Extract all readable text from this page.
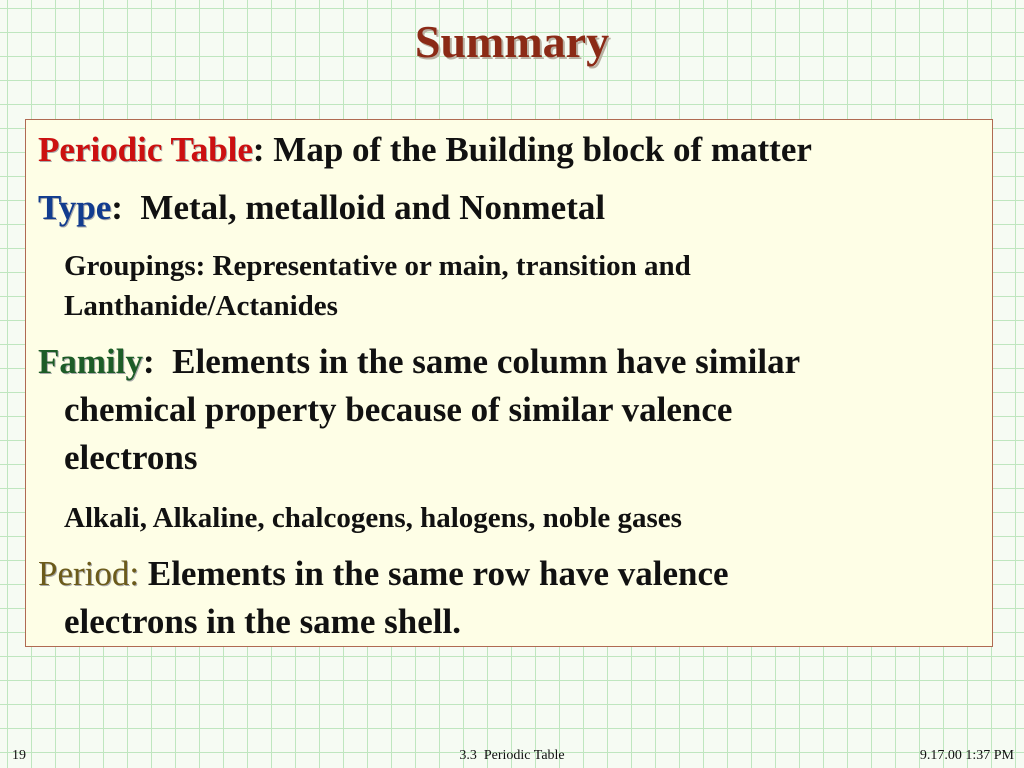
Summary
Periodic Table: Map of the Building block of matter
Type:  Metal, metalloid and Nonmetal
Groupings: Representative or main, transition and
Lanthanide/Actanides
Family:  Elements in the same column have similar
chemical property because of similar valence
electrons
Alkali, Alkaline, chalcogens, halogens, noble gases
Period: Elements in the same row have valence
electrons in the same shell.
19	3.3  Periodic Table	9.17.00 1:37 PM
